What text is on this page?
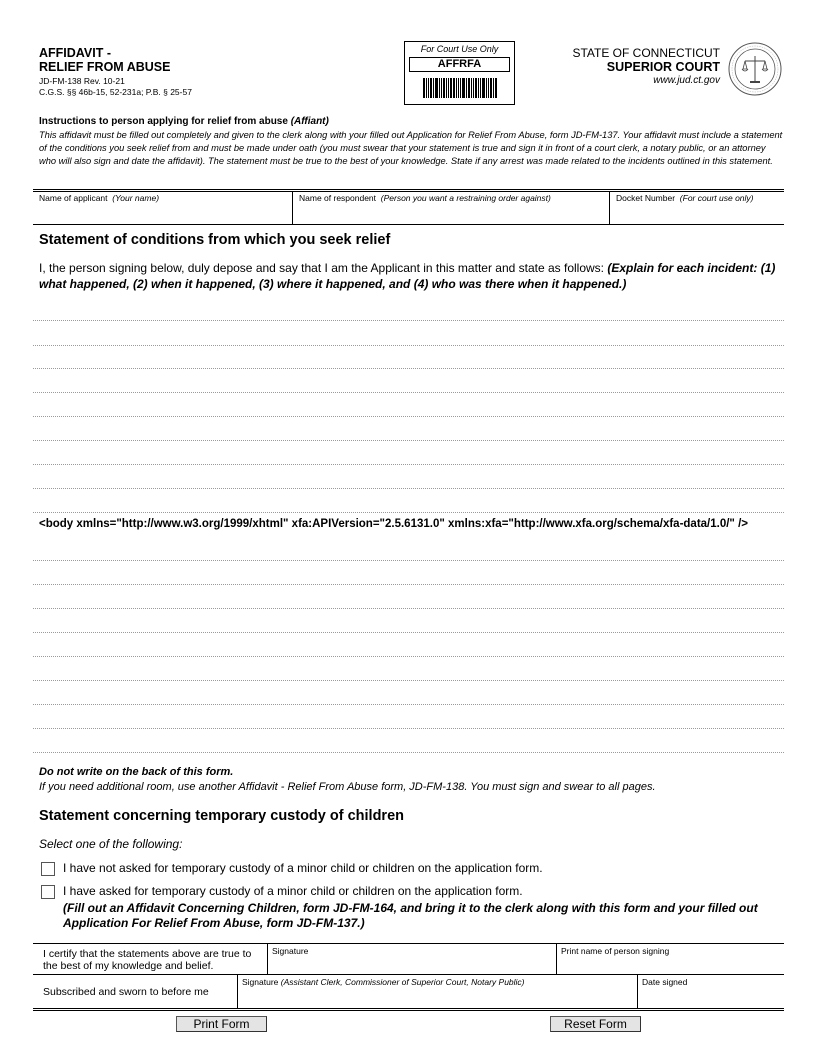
AFFIDAVIT -
RELIEF FROM ABUSE
JD-FM-138 Rev. 10-21
C.G.S. §§ 46b-15, 52-231a; P.B. § 25-57
For Court Use Only
AFFRFA
STATE OF CONNECTICUT
SUPERIOR COURT
www.jud.ct.gov
Instructions to person applying for relief from abuse (Affiant)
This affidavit must be filled out completely and given to the clerk along with your filled out Application for Relief From Abuse, form JD-FM-137. Your affidavit must include a statement of the conditions you seek relief from and must be made under oath (you must swear that your statement is true and sign it in front of a court clerk, a notary public, or an attorney who will also sign and date the affidavit). The statement must be true to the best of your knowledge. State if any arrest was made related to the incidents outlined in this statement.
Name of applicant (Your name)	Name of respondent (Person you want a restraining order against)	Docket Number (For court use only)
Statement of conditions from which you seek relief
I, the person signing below, duly depose and say that I am the Applicant in this matter and state as follows: (Explain for each incident: (1) what happened, (2) when it happened, (3) where it happened, and (4) who was there when it happened.)
<body xmlns="http://www.w3.org/1999/xhtml" xfa:APIVersion="2.5.6131.0" xmlns:xfa="http://www.xfa.org/schema/xfa-data/1.0/" />
Do not write on the back of this form.
If you need additional room, use another Affidavit - Relief From Abuse form, JD-FM-138. You must sign and swear to all pages.
Statement concerning temporary custody of children
Select one of the following:
I have not asked for temporary custody of a minor child or children on the application form.
I have asked for temporary custody of a minor child or children on the application form.
(Fill out an Affidavit Concerning Children, form JD-FM-164, and bring it to the clerk along with this form and your filled out Application For Relief From Abuse, form JD-FM-137.)
I certify that the statements above are true to the best of my knowledge and belief.
Signature	Print name of person signing
Subscribed and sworn to before me
Signature (Assistant Clerk, Commissioner of Superior Court, Notary Public)	Date signed
Print Form	Reset Form
